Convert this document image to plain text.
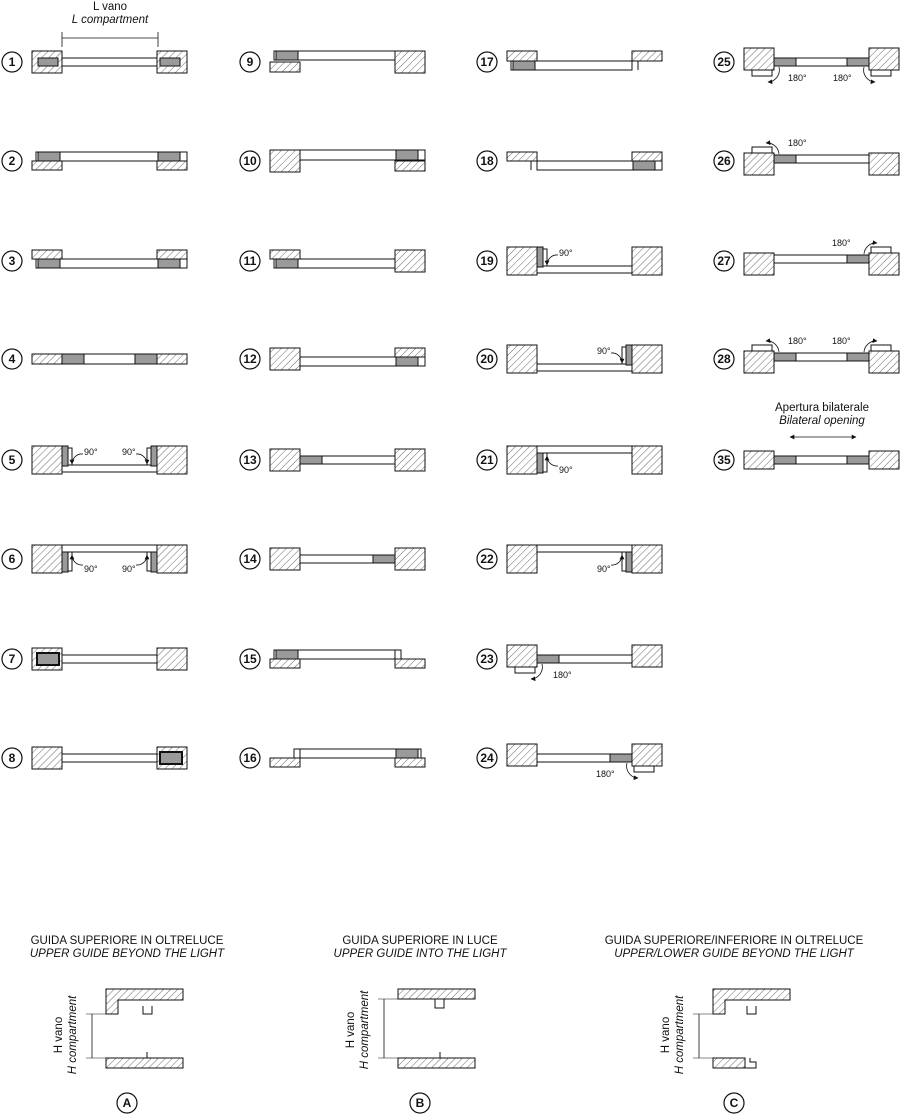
L vano
L compartment
Apertura bilaterale
Bilateral opening
1
2
3
4
5
90°	90°
6
90°	90°
7
8
9
10
11
12
13
14
15
16
17
18
19
90°
20
90°
21
90°
22
90°
23
180°
24
180°
25
180°	180°
26
180°
27
180°
28
180°	180°
35
GUIDA SUPERIORE IN OLTRELUCE
UPPER GUIDE BEYOND THE LIGHT
H vano H compartment
A
GUIDA SUPERIORE IN LUCE
UPPER GUIDE INTO THE LIGHT
H vano H compartment
B
GUIDA SUPERIORE/INFERIORE IN OLTRELUCE
UPPER/LOWER GUIDE BEYOND THE LIGHT
H vano H compartment
C
